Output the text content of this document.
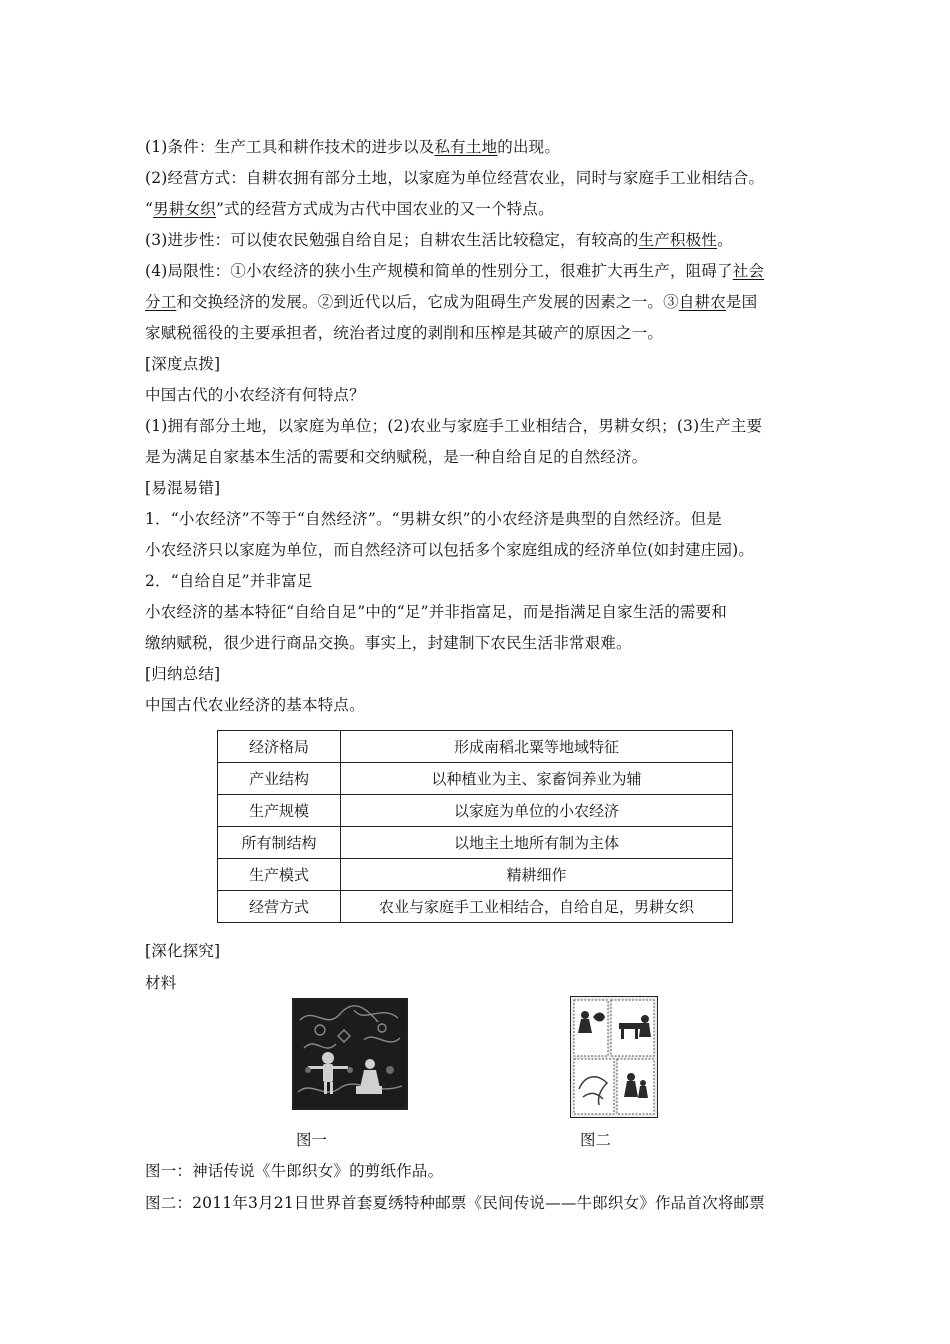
(1)条件：生产工具和耕作技术的进步以及私有土地的出现。
(2)经营方式：自耕农拥有部分土地，以家庭为单位经营农业，同时与家庭手工业相结合。
“男耕女织”式的经营方式成为古代中国农业的又一个特点。
(3)进步性：可以使农民勉强自给自足；自耕农生活比较稳定，有较高的生产积极性。
(4)局限性：①小农经济的狭小生产规模和简单的性别分工，很难扩大再生产，阻碍了社会
分工和交换经济的发展。②到近代以后，它成为阻碍生产发展的因素之一。③自耕农是国
家赋税徭役的主要承担者，统治者过度的剥削和压榨是其破产的原因之一。
[深度点拨]
中国古代的小农经济有何特点？
(1)拥有部分土地，以家庭为单位；(2)农业与家庭手工业相结合，男耕女织；(3)生产主要
是为满足自家基本生活的需要和交纳赋税，是一种自给自足的自然经济。
[易混易错]
1．“小农经济”不等于“自然经济”。“男耕女织”的小农经济是典型的自然经济。但是
小农经济只以家庭为单位，而自然经济可以包括多个家庭组成的经济单位(如封建庄园)。
2．“自给自足”并非富足
小农经济的基本特征“自给自足”中的“足”并非指富足，而是指满足自家生活的需要和
缴纳赋税，很少进行商品交换。事实上，封建制下农民生活非常艰难。
[归纳总结]
中国古代农业经济的基本特点。
经济格局	形成南稻北粟等地域特征
产业结构	以种植业为主、家畜饲养业为辅
生产规模	以家庭为单位的小农经济
所有制结构	以地主土地所有制为主体
生产模式	精耕细作
经营方式	农业与家庭手工业相结合，自给自足，男耕女织
[深化探究]
材料
图一	图二
图一：神话传说《牛郎织女》的剪纸作品。
图二：2011年3月21日世界首套夏绣特种邮票《民间传说——牛郎织女》作品首次将邮票
